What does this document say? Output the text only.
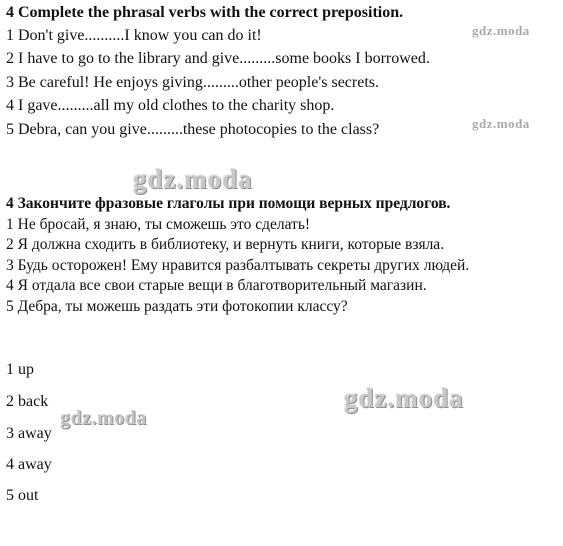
4 Complete the phrasal verbs with the correct preposition.
1 Don't give..........I know you can do it!
2 I have to go to the library and give.........some books I borrowed.
3 Be careful! He enjoys giving.........other people's secrets.
4 I gave.........all my old clothes to the charity shop.
5 Debra, can you give.........these photocopies to the class?
4 Закончите фразовые глаголы при помощи верных предлогов.
1 Не бросай, я знаю, ты сможешь это сделать!
2 Я должна сходить в библиотеку, и вернуть книги, которые взяла.
3 Будь осторожен! Ему нравится разбалтывать секреты других людей.
4 Я отдала все свои старые вещи в благотворительный магазин.
5 Дебра, ты можешь раздать эти фотокопии классу?
1 up
2 back
3 away
4 away
5 out
gdz.moda
gdz.moda
gdz.moda
gdz.moda
gdz.moda
